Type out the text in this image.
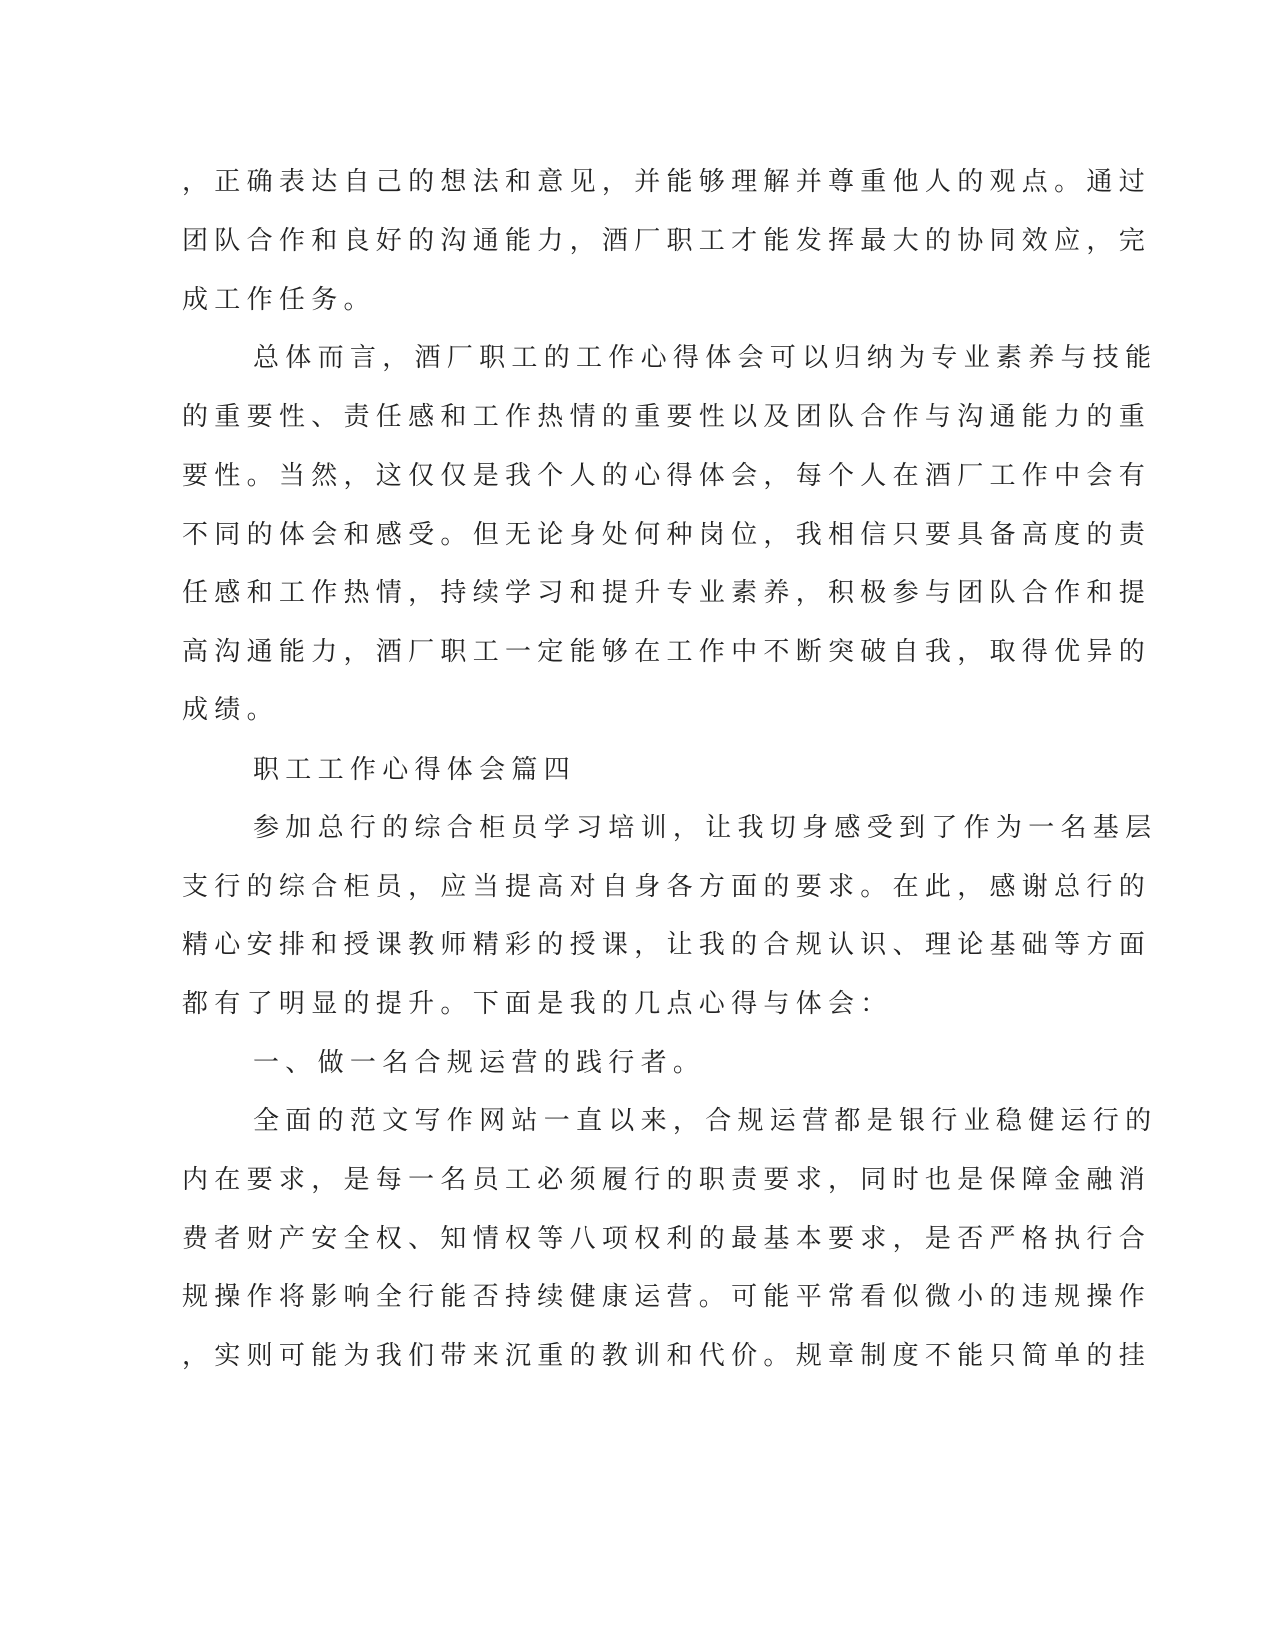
，正确表达自己的想法和意见，并能够理解并尊重他人的观点。通过

团队合作和良好的沟通能力，酒厂职工才能发挥最大的协同效应，完

成工作任务。

总体而言，酒厂职工的工作心得体会可以归纳为专业素养与技能

的重要性、责任感和工作热情的重要性以及团队合作与沟通能力的重

要性。当然，这仅仅是我个人的心得体会，每个人在酒厂工作中会有

不同的体会和感受。但无论身处何种岗位，我相信只要具备高度的责

任感和工作热情，持续学习和提升专业素养，积极参与团队合作和提

高沟通能力，酒厂职工一定能够在工作中不断突破自我，取得优异的

成绩。

职工工作心得体会篇四

参加总行的综合柜员学习培训，让我切身感受到了作为一名基层

支行的综合柜员，应当提高对自身各方面的要求。在此，感谢总行的

精心安排和授课教师精彩的授课，让我的合规认识、理论基础等方面

都有了明显的提升。下面是我的几点心得与体会：

一、做一名合规运营的践行者。

全面的范文写作网站一直以来，合规运营都是银行业稳健运行的

内在要求，是每一名员工必须履行的职责要求，同时也是保障金融消

费者财产安全权、知情权等八项权利的最基本要求，是否严格执行合

规操作将影响全行能否持续健康运营。可能平常看似微小的违规操作

，实则可能为我们带来沉重的教训和代价。规章制度不能只简单的挂
